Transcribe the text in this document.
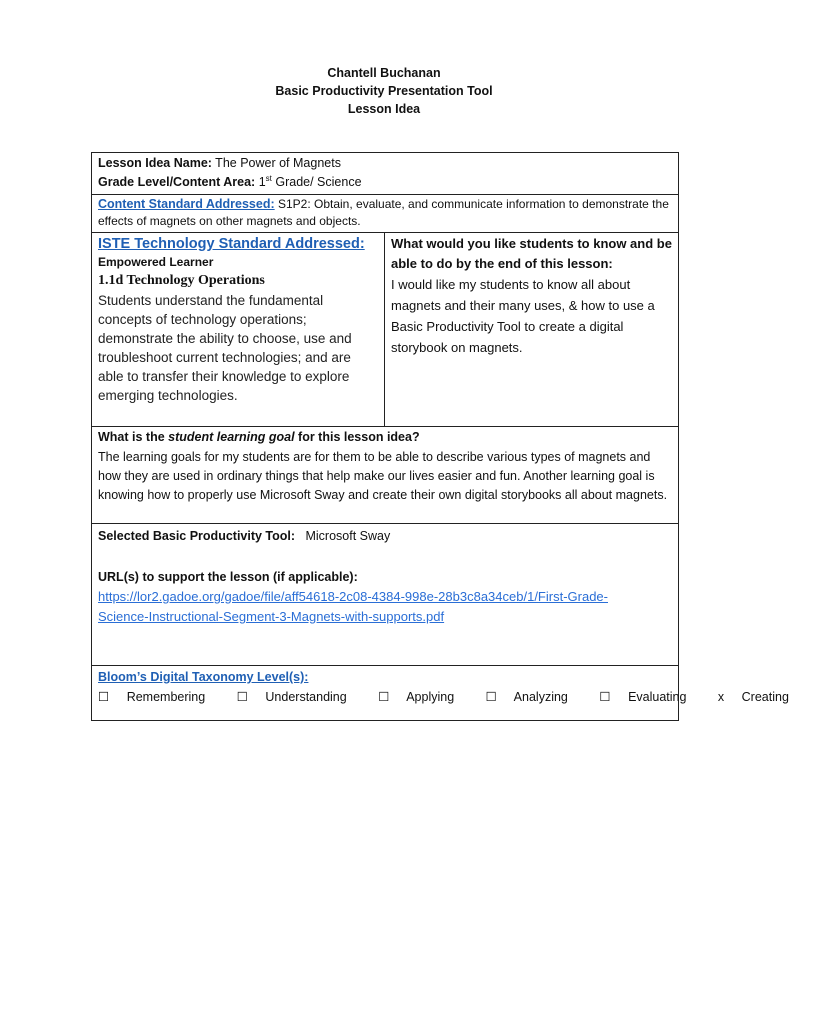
Chantell Buchanan
Basic Productivity Presentation Tool
Lesson Idea
Lesson Idea Name: The Power of Magnets
Grade Level/Content Area: 1st Grade/ Science

Content Standard Addressed: S1P2: Obtain, evaluate, and communicate information to demonstrate the effects of magnets on other magnets and objects.

ISTE Technology Standard Addressed:
Empowered Learner
1.1d Technology Operations
Students understand the fundamental concepts of technology operations; demonstrate the ability to choose, use and troubleshoot current technologies; and are able to transfer their knowledge to explore emerging technologies.

What would you like students to know and be able to do by the end of this lesson:
I would like my students to know all about magnets and their many uses, & how to use a Basic Productivity Tool to create a digital storybook on magnets.

What is the student learning goal for this lesson idea?
The learning goals for my students are for them to be able to describe various types of magnets and how they are used in ordinary things that help make our lives easier and fun. Another learning goal is knowing how to properly use Microsoft Sway and create their own digital storybooks all about magnets.

Selected Basic Productivity Tool: Microsoft Sway
URL(s) to support the lesson (if applicable):
https://lor2.gadoe.org/gadoe/file/aff54618-2c08-4384-998e-28b3c8a34ceb/1/First-Grade-
Science-Instructional-Segment-3-Magnets-with-supports.pdf

Bloom’s Digital Taxonomy Level(s):
☐ Remembering	☐ Understanding	☐ Applying	☐ Analyzing	☐ Evaluating	x Creating
